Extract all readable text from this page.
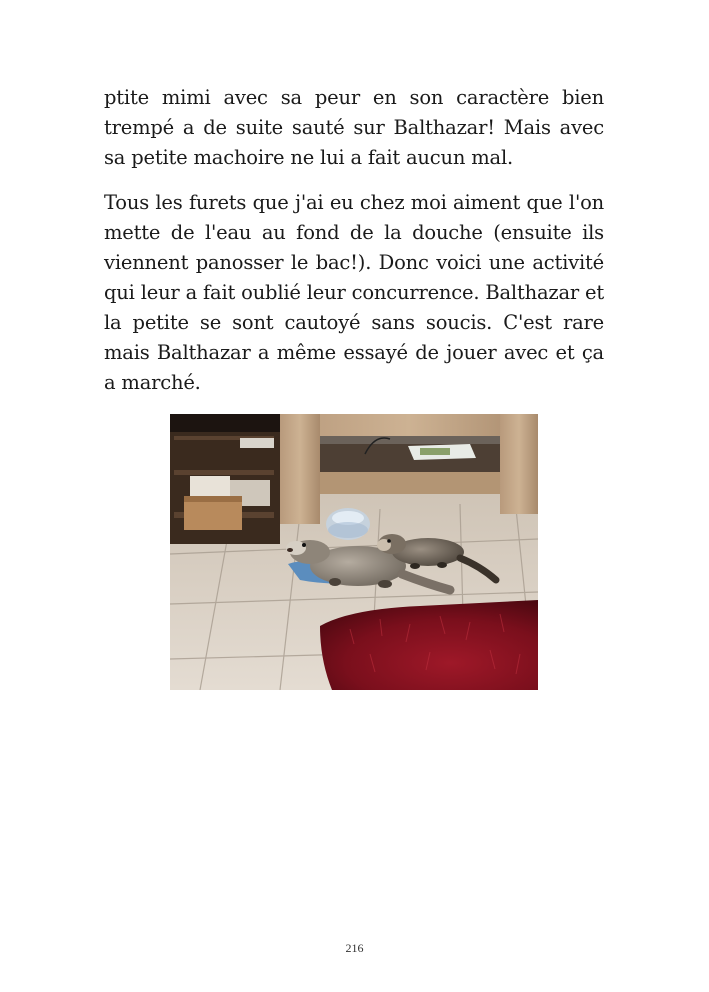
ptite mimi avec sa peur en son caractère bien trempé a de suite sauté sur Balthazar! Mais avec sa petite machoire ne lui a fait aucun mal.

Tous les furets que j'ai eu chez moi aiment que l'on mette de l'eau au fond de la douche (ensuite ils viennent panosser le bac!). Donc voici une activité qui leur a fait oublié leur concurrence. Balthazar et la petite se sont cautoyé sans soucis. C'est rare mais Balthazar a même essayé de jouer avec et ça a marché.

216
